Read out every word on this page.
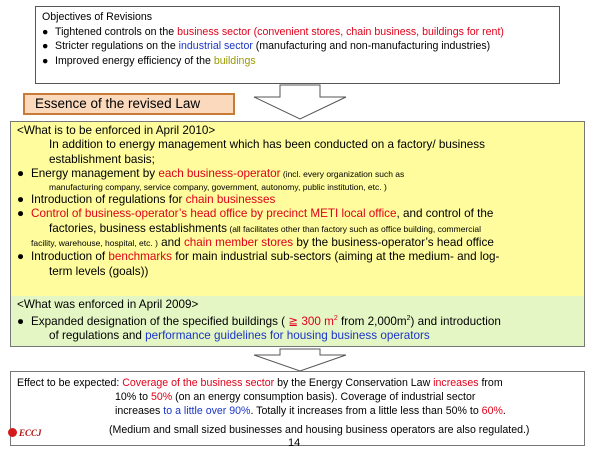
Objectives of Revisions
● Tightened controls on the business sector (convenient stores, chain business, buildings for rent)
● Stricter regulations on the industrial sector (manufacturing and non-manufacturing industries)
● Improved energy efficiency of the buildings
Essence of the revised Law
<What is to be enforced in April 2010>
In addition to energy management which has been conducted on a factory/ business
establishment basis;
● Energy management by each business-operator (incl. every organization such as
manufacturing company, service company, government, autonomy, public institution, etc. )
● Introduction of regulations for chain businesses
● Control of business-operator’s head office by precinct METI local office, and control of the
factories, business establishments (all facilitates other than factory such as office building, commercial
facility, warehouse, hospital, etc. ) and chain member stores by the business-operator’s head office
● Introduction of benchmarks for main industrial sub-sectors (aiming at the medium- and log-
term levels (goals))
<What was enforced in April 2009>
● Expanded designation of the specified buildings ( ≧ 300 $m^2$ from $2,000m^2$) and introduction
of regulations and performance guidelines for housing business operators
Effect to be expected: Coverage of the business sector by the Energy Conservation Law increases from
10% to 50% (on an energy consumption basis). Coverage of industrial sector
increases to a little over 90%. Totally it increases from a little less than 50% to 60%.
(Medium and small sized businesses and housing business operators are also regulated.)
ECCJ
14
